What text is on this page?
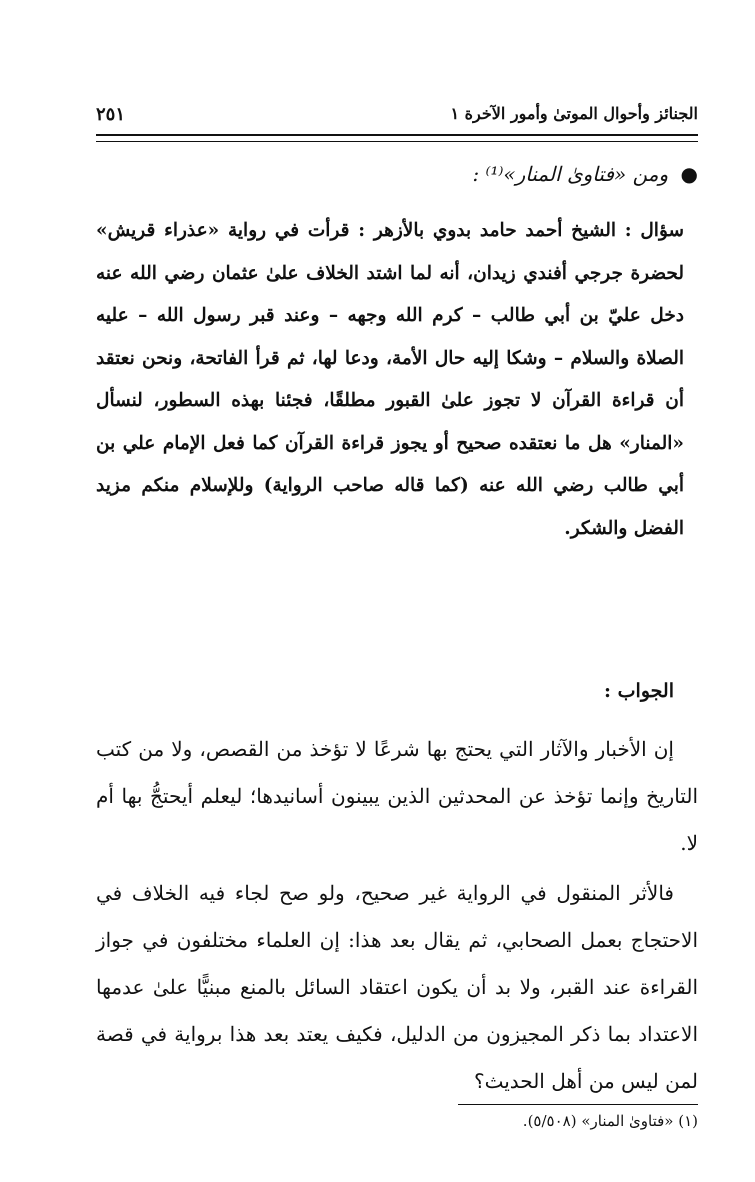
الجنائز وأحوال الموتىٰ وأمور الآخرة ١
٢٥١
● ومن «فتاوىٰ المنار»⁽¹⁾ :
سؤال : الشيخ أحمد حامد بدوي بالأزهر : قرأت في رواية «عذراء قريش» لحضرة جرجي أفندي زيدان، أنه لما اشتد الخلاف علىٰ عثمان رضي الله عنه دخل عليّ بن أبي طالب – كرم الله وجهه – وعند قبر رسول الله – عليه الصلاة والسلام – وشكا إليه حال الأمة، ودعا لها، ثم قرأ الفاتحة، ونحن نعتقد أن قراءة القرآن لا تجوز علىٰ القبور مطلقًا، فجئنا بهذه السطور، لنسأل «المنار» هل ما نعتقده صحيح أو يجوز قراءة القرآن كما فعل الإمام علي بن أبي طالب رضي الله عنه (كما قاله صاحب الرواية) وللإسلام منكم مزيد الفضل والشكر.
الجواب :

إن الأخبار والآثار التي يحتج بها شرعًا لا تؤخذ من القصص، ولا من كتب التاريخ وإنما تؤخذ عن المحدثين الذين يبينون أسانيدها؛ ليعلم أيحتجُّ بها أم لا.

فالأثر المنقول في الرواية غير صحيح، ولو صح لجاء فيه الخلاف في الاحتجاج بعمل الصحابي، ثم يقال بعد هذا: إن العلماء مختلفون في جواز القراءة عند القبر، ولا بد أن يكون اعتقاد السائل بالمنع مبنيًّا علىٰ عدمها الاعتداد بما ذكر المجيزون من الدليل، فكيف يعتد بعد هذا برواية في قصة لمن ليس من أهل الحديث؟

(١) «فتاوىٰ المنار» (٥/٥٠٨).
